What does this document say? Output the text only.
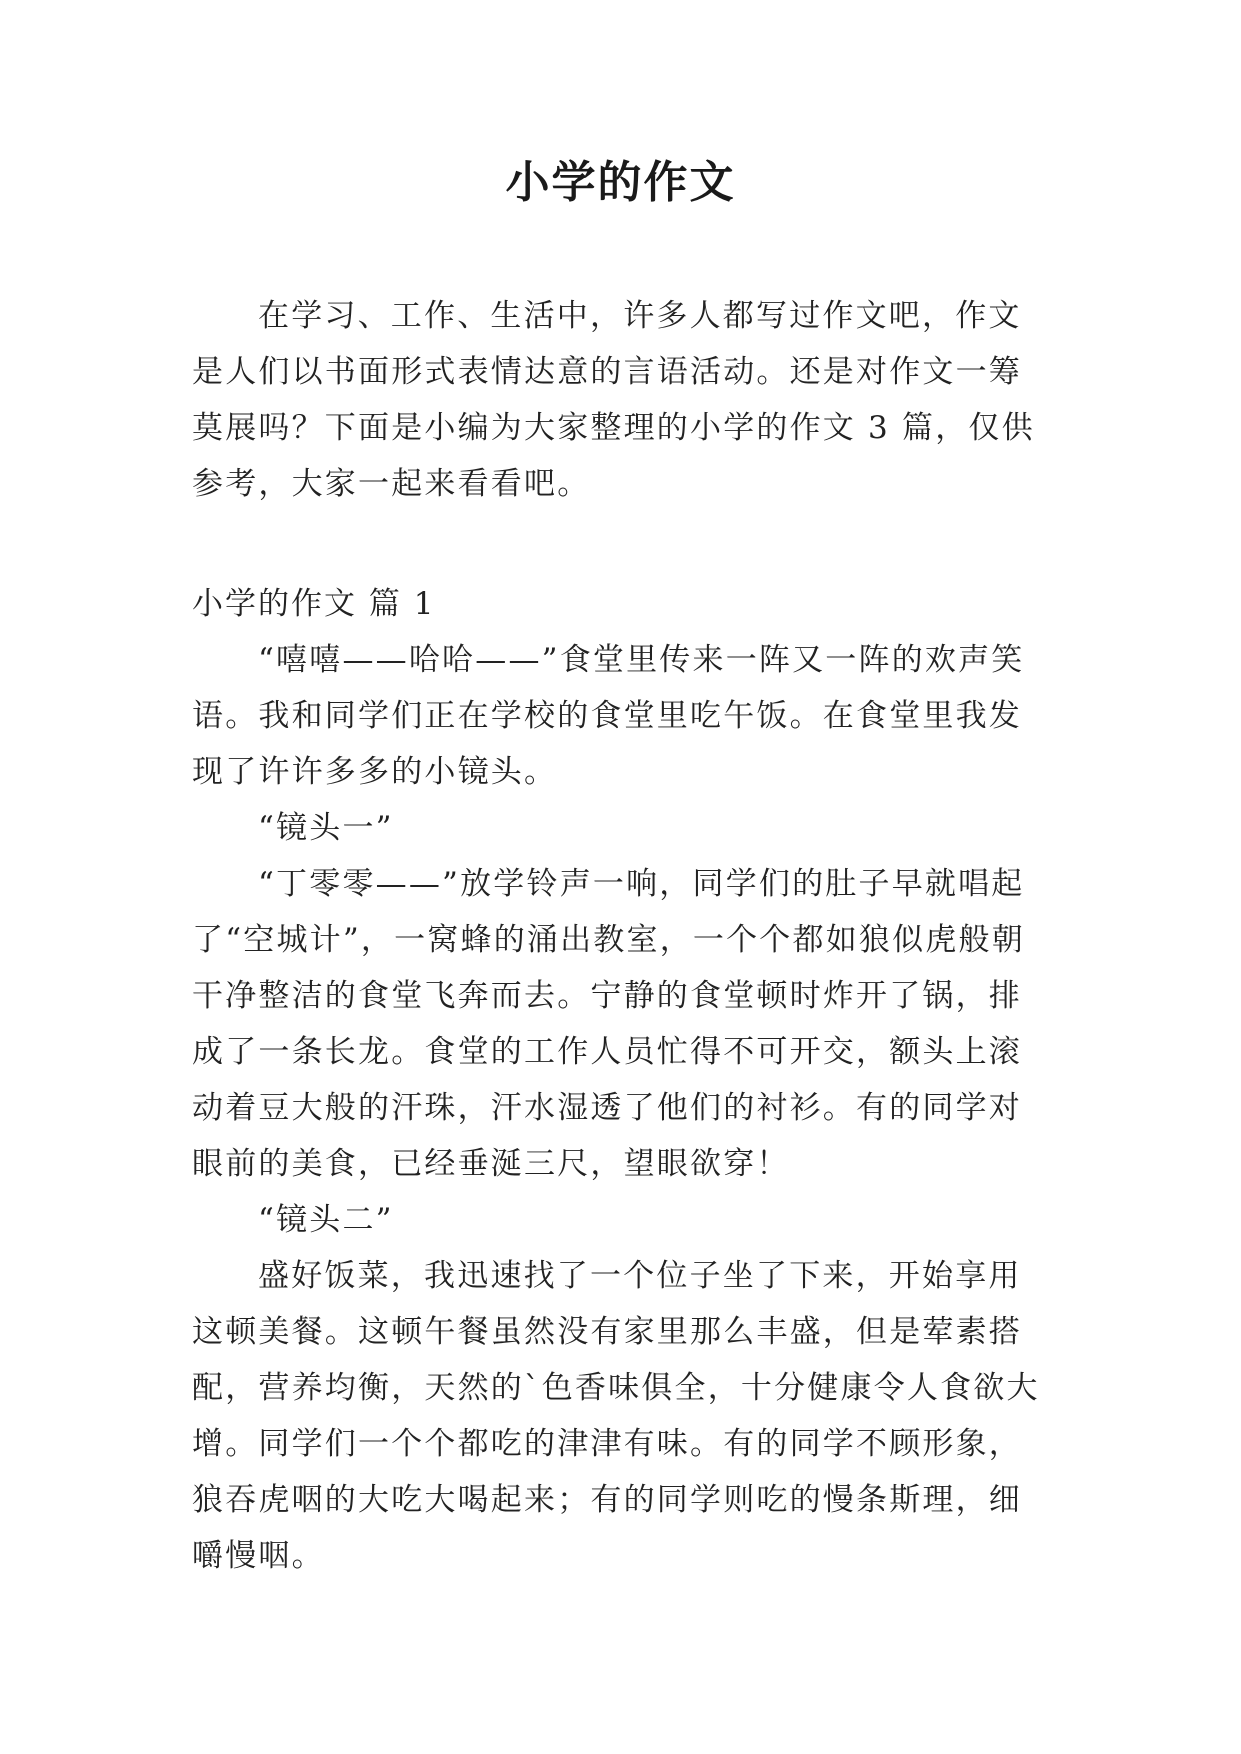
小学的作文

在学习、工作、生活中，许多人都写过作文吧，作文是人们以书面形式表情达意的言语活动。还是对作文一筹莫展吗？下面是小编为大家整理的小学的作文 3 篇，仅供参考，大家一起来看看吧。

小学的作文 篇 1

“嘻嘻——哈哈——”食堂里传来一阵又一阵的欢声笑语。我和同学们正在学校的食堂里吃午饭。在食堂里我发现了许许多多的小镜头。

“镜头一”

“丁零零——”放学铃声一响，同学们的肚子早就唱起了“空城计”，一窝蜂的涌出教室，一个个都如狼似虎般朝干净整洁的食堂飞奔而去。宁静的食堂顿时炸开了锅，排成了一条长龙。食堂的工作人员忙得不可开交，额头上滚动着豆大般的汗珠，汗水湿透了他们的衬衫。有的同学对眼前的美食，已经垂涎三尺，望眼欲穿！

“镜头二”

盛好饭菜，我迅速找了一个位子坐了下来，开始享用这顿美餐。这顿午餐虽然没有家里那么丰盛，但是荤素搭配，营养均衡，天然的`色香味俱全，十分健康令人食欲大增。同学们一个个都吃的津津有味。有的同学不顾形象，狼吞虎咽的大吃大喝起来；有的同学则吃的慢条斯理，细嚼慢咽。
